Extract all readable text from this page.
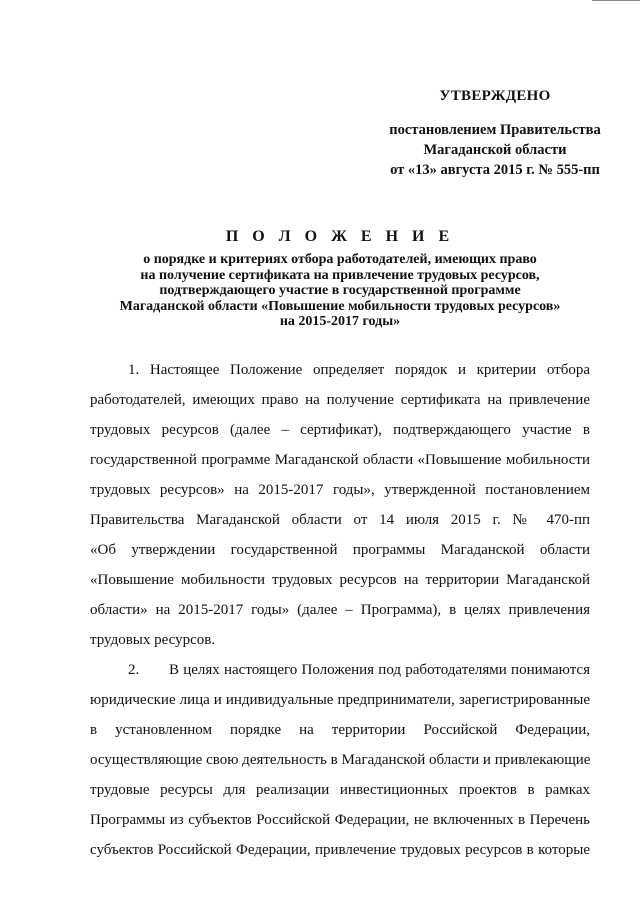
УТВЕРЖДЕНО
постановлением Правительства
Магаданской области
от «13» августа 2015 г. № 555-пп
П О Л О Ж Е Н И Е
о порядке и критериях отбора работодателей, имеющих право
на получение сертификата на привлечение трудовых ресурсов,
подтверждающего участие в государственной программе
Магаданской области «Повышение мобильности трудовых ресурсов»
на 2015-2017 годы»
1. Настоящее Положение определяет порядок и критерии отбора
работодателей, имеющих право на получение сертификата на привлечение
трудовых ресурсов (далее – сертификат), подтверждающего участие в
государственной программе Магаданской области «Повышение мобильности
трудовых ресурсов» на 2015-2017 годы», утвержденной постановлением
Правительства Магаданской области от 14 июля 2015 г. № 470-пп
«Об утверждении государственной программы Магаданской области
«Повышение мобильности трудовых ресурсов на территории Магаданской
области» на 2015-2017 годы» (далее – Программа), в целях привлечения
трудовых ресурсов.
2.       В целях настоящего Положения под работодателями понимаются
юридические лица и индивидуальные предприниматели, зарегистрированные
в установленном порядке на территории Российской Федерации,
осуществляющие свою деятельность в Магаданской области и привлекающие
трудовые ресурсы для реализации инвестиционных проектов в рамках
Программы из субъектов Российской Федерации, не включенных в Перечень
субъектов Российской Федерации, привлечение трудовых ресурсов в которые
